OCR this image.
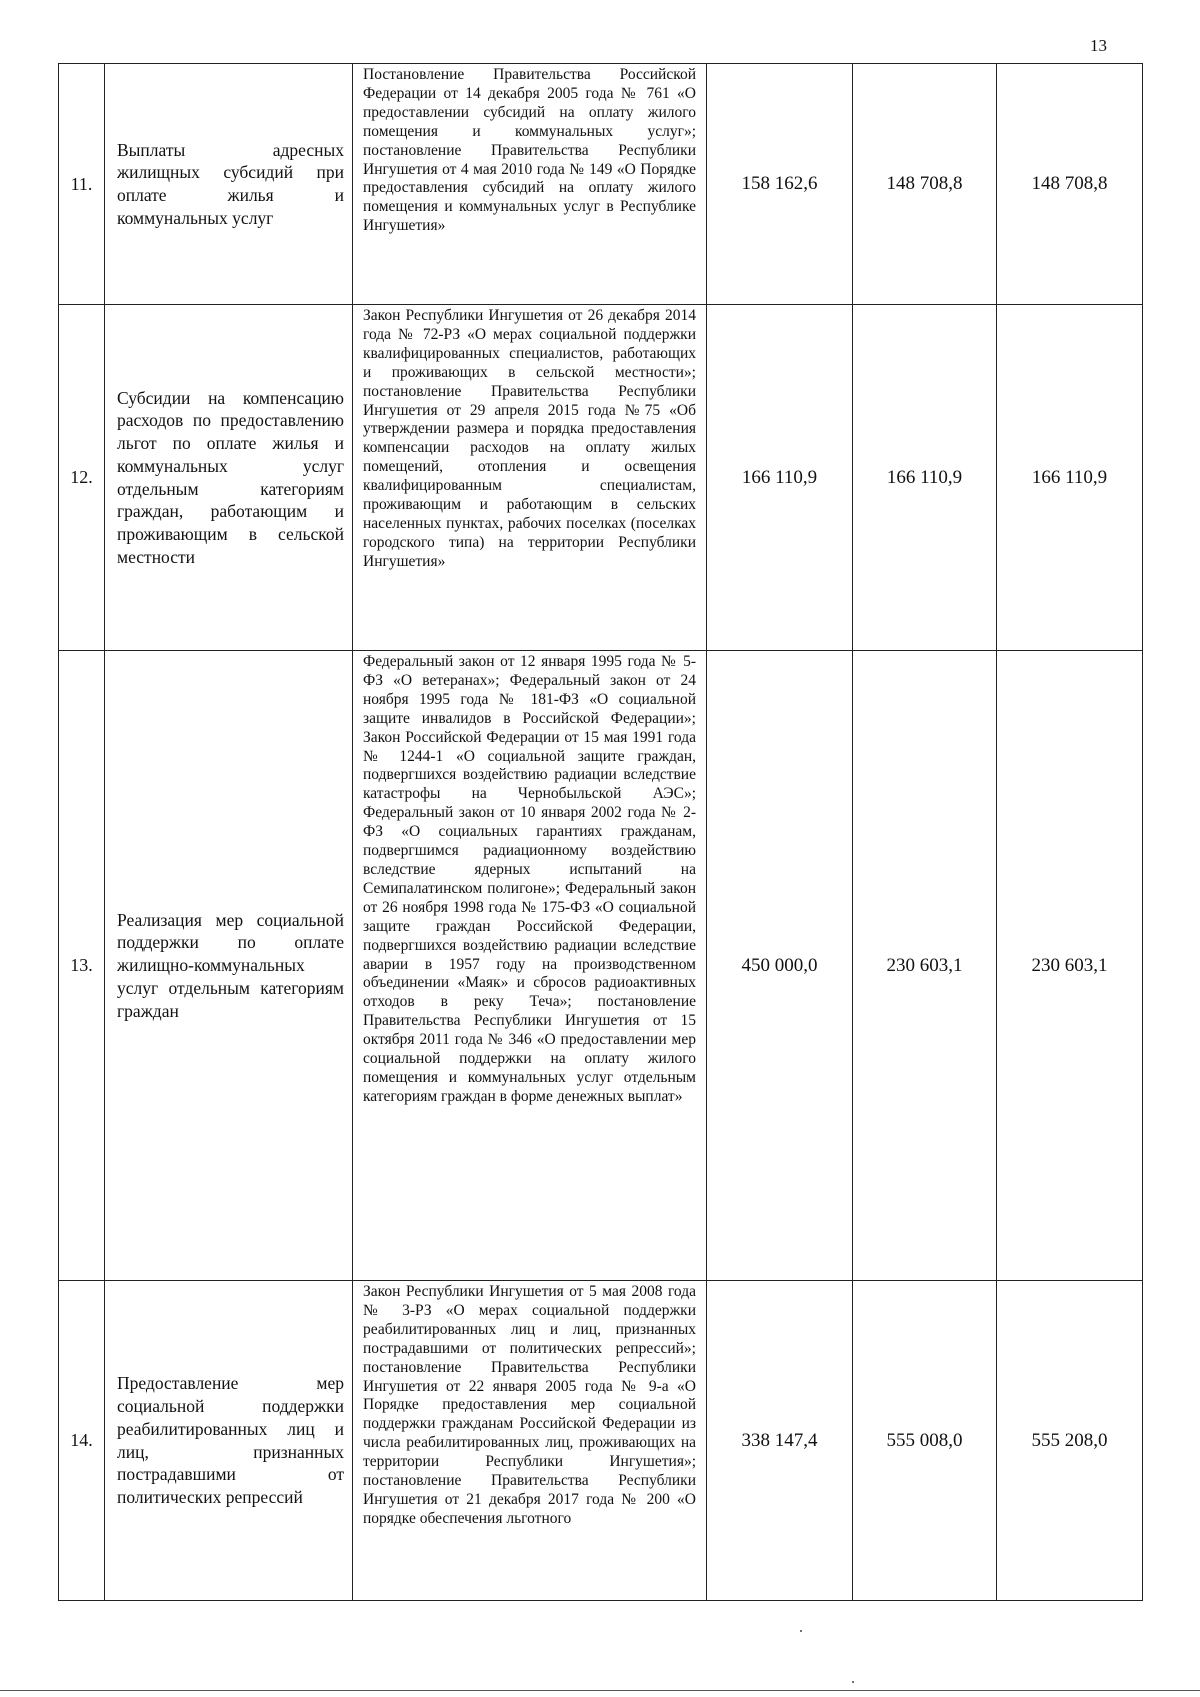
13
11.	Выплаты адресных жилищных субсидий при оплате жилья и коммунальных услуг	Постановление Правительства Российской Федерации от 14 декабря 2005 года № 761 «О предоставлении субсидий на оплату жилого помещения и коммунальных услуг»; постановление Правительства Республики Ингушетия от 4 мая 2010 года № 149 «О Порядке предоставления субсидий на оплату жилого помещения и коммунальных услуг в Республике Ингушетия»	158 162,6	148 708,8	148 708,8
12.	Субсидии на компенсацию расходов по предоставлению льгот по оплате жилья и коммунальных услуг отдельным категориям граждан, работающим и проживающим в сельской местности	Закон Республики Ингушетия от 26 декабря 2014 года № 72-РЗ «О мерах социальной поддержки квалифицированных специалистов, работающих и проживающих в сельской местности»; постановление Правительства Республики Ингушетия от 29 апреля 2015 года №75 «Об утверждении размера и порядка предоставления компенсации расходов на оплату жилых помещений, отопления и освещения квалифицированным специалистам, проживающим и работающим в сельских населенных пунктах, рабочих поселках (поселках городского типа) на территории Республики Ингушетия»	166 110,9	166 110,9	166 110,9
13.	Реализация мер социальной поддержки по оплате жилищно-коммунальных услуг отдельным категориям граждан	Федеральный закон от 12 января 1995 года № 5-ФЗ «О ветеранах»; Федеральный закон от 24 ноября 1995 года № 181-ФЗ «О социальной защите инвалидов в Российской Федерации»; Закон Российской Федерации от 15 мая 1991 года № 1244-1 «О социальной защите граждан, подвергшихся воздействию радиации вследствие катастрофы на Чернобыльской АЭС»; Федеральный закон от 10 января 2002 года № 2-ФЗ «О социальных гарантиях гражданам, подвергшимся радиационному воздействию вследствие ядерных испытаний на Семипалатинском полигоне»; Федеральный закон от 26 ноября 1998 года № 175-ФЗ «О социальной защите граждан Российской Федерации, подвергшихся воздействию радиации вследствие аварии в 1957 году на производственном объединении «Маяк» и сбросов радиоактивных отходов в реку Теча»; постановление Правительства Республики Ингушетия от 15 октября 2011 года № 346 «О предоставлении мер социальной поддержки на оплату жилого помещения и коммунальных услуг отдельным категориям граждан в форме денежных выплат»	450 000,0	230 603,1	230 603,1
14.	Предоставление мер социальной поддержки реабилитированных лиц и лиц, признанных пострадавшими от политических репрессий	Закон Республики Ингушетия от 5 мая 2008 года № 3-РЗ «О мерах социальной поддержки реабилитированных лиц и лиц, признанных пострадавшими от политических репрессий»; постановление Правительства Республики Ингушетия от 22 января 2005 года № 9-а «О Порядке предоставления мер социальной поддержки гражданам Российской Федерации из числа реабилитированных лиц, проживающих на территории Республики Ингушетия»; постановление Правительства Республики Ингушетия от 21 декабря 2017 года № 200 «О порядке обеспечения льготного	338 147,4	555 008,0	555 208,0
